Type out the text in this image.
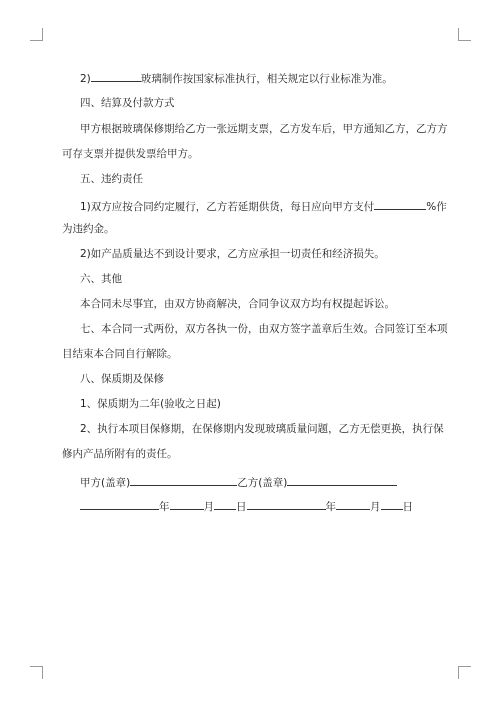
2)	玻璃制作按国家标准执行，相关规定以行业标准为准。
四、结算及付款方式
甲方根据玻璃保修期给乙方一张远期支票，乙方发车后，甲方通知乙方，乙方方
可存支票并提供发票给甲方。
五、违约责任
1)双方应按合同约定履行，乙方若延期供货，每日应向甲方支付	%作
为违约金。
2)如产品质量达不到设计要求，乙方应承担一切责任和经济损失。
六、其他
本合同未尽事宜，由双方协商解决，合同争议双方均有权提起诉讼。
七、本合同一式两份，双方各执一份，由双方签字盖章后生效。合同签订至本项
目结束本合同自行解除。
八、保质期及保修
1、保质期为二年(验收之日起)
2、执行本项目保修期，在保修期内发现玻璃质量问题，乙方无偿更换，执行保
修内产品所附有的责任。
甲方(盖章)	乙方(盖章)
年	月 日	年	月 日
